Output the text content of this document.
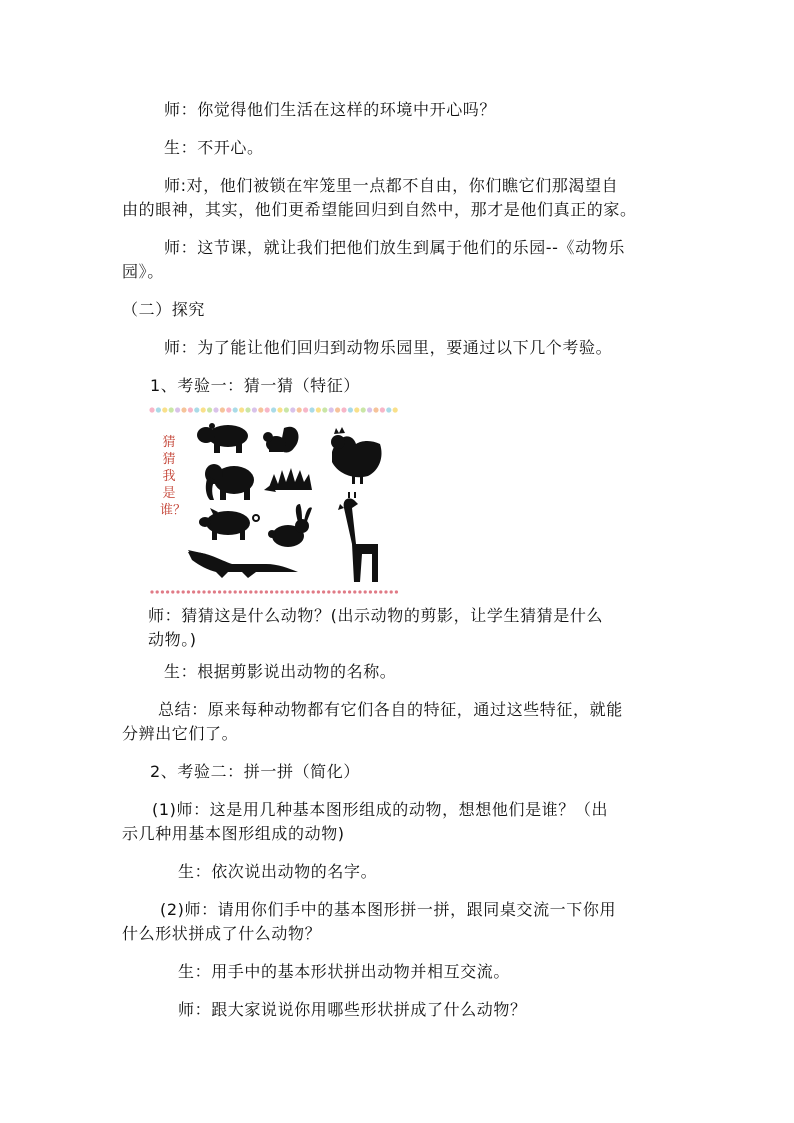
师：你觉得他们生活在这样的环境中开心吗？
生：不开心。
师:对，他们被锁在牢笼里一点都不自由，你们瞧它们那渴望自
由的眼神，其实，他们更希望能回归到自然中，那才是他们真正的家。
师：这节课，就让我们把他们放生到属于他们的乐园--《动物乐
园》。
（二）探究
师：为了能让他们回归到动物乐园里，要通过以下几个考验。
1、考验一：猜一猜（特征）
猜猜我是谁？
师：猜猜这是什么动物？(出示动物的剪影，让学生猜猜是什么
动物。)
生：根据剪影说出动物的名称。
总结：原来每种动物都有它们各自的特征，通过这些特征，就能
分辨出它们了。
2、考验二：拼一拼（简化）
(1)师：这是用几种基本图形组成的动物，想想他们是谁？（出
示几种用基本图形组成的动物)
生：依次说出动物的名字。
(2)师：请用你们手中的基本图形拼一拼，跟同桌交流一下你用
什么形状拼成了什么动物？
生：用手中的基本形状拼出动物并相互交流。
师：跟大家说说你用哪些形状拼成了什么动物？
